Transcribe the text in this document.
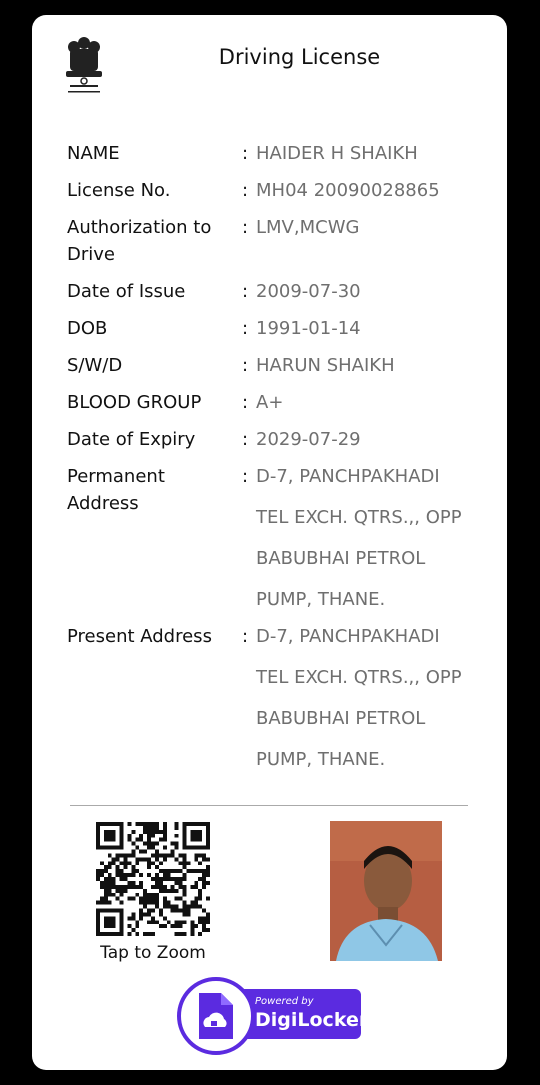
Driving License
NAME	: HAIDER H SHAIKH
License No.	: MH04 20090028865
Authorization to Drive
: LMV,MCWG
Date of Issue	: 2009-07-30
DOB	: 1991-01-14
S/W/D	: HARUN SHAIKH
BLOOD GROUP	: A+
Date of Expiry	: 2029-07-29
Permanent Address
: D-7, PANCHPAKHADI
TEL EXCH. QTRS.,, OPP
BABUBHAI PETROL
PUMP, THANE.
Present Address	: D-7, PANCHPAKHADI
TEL EXCH. QTRS.,, OPP
BABUBHAI PETROL
PUMP, THANE.
Tap to Zoom
Powered by
DigiLocker
